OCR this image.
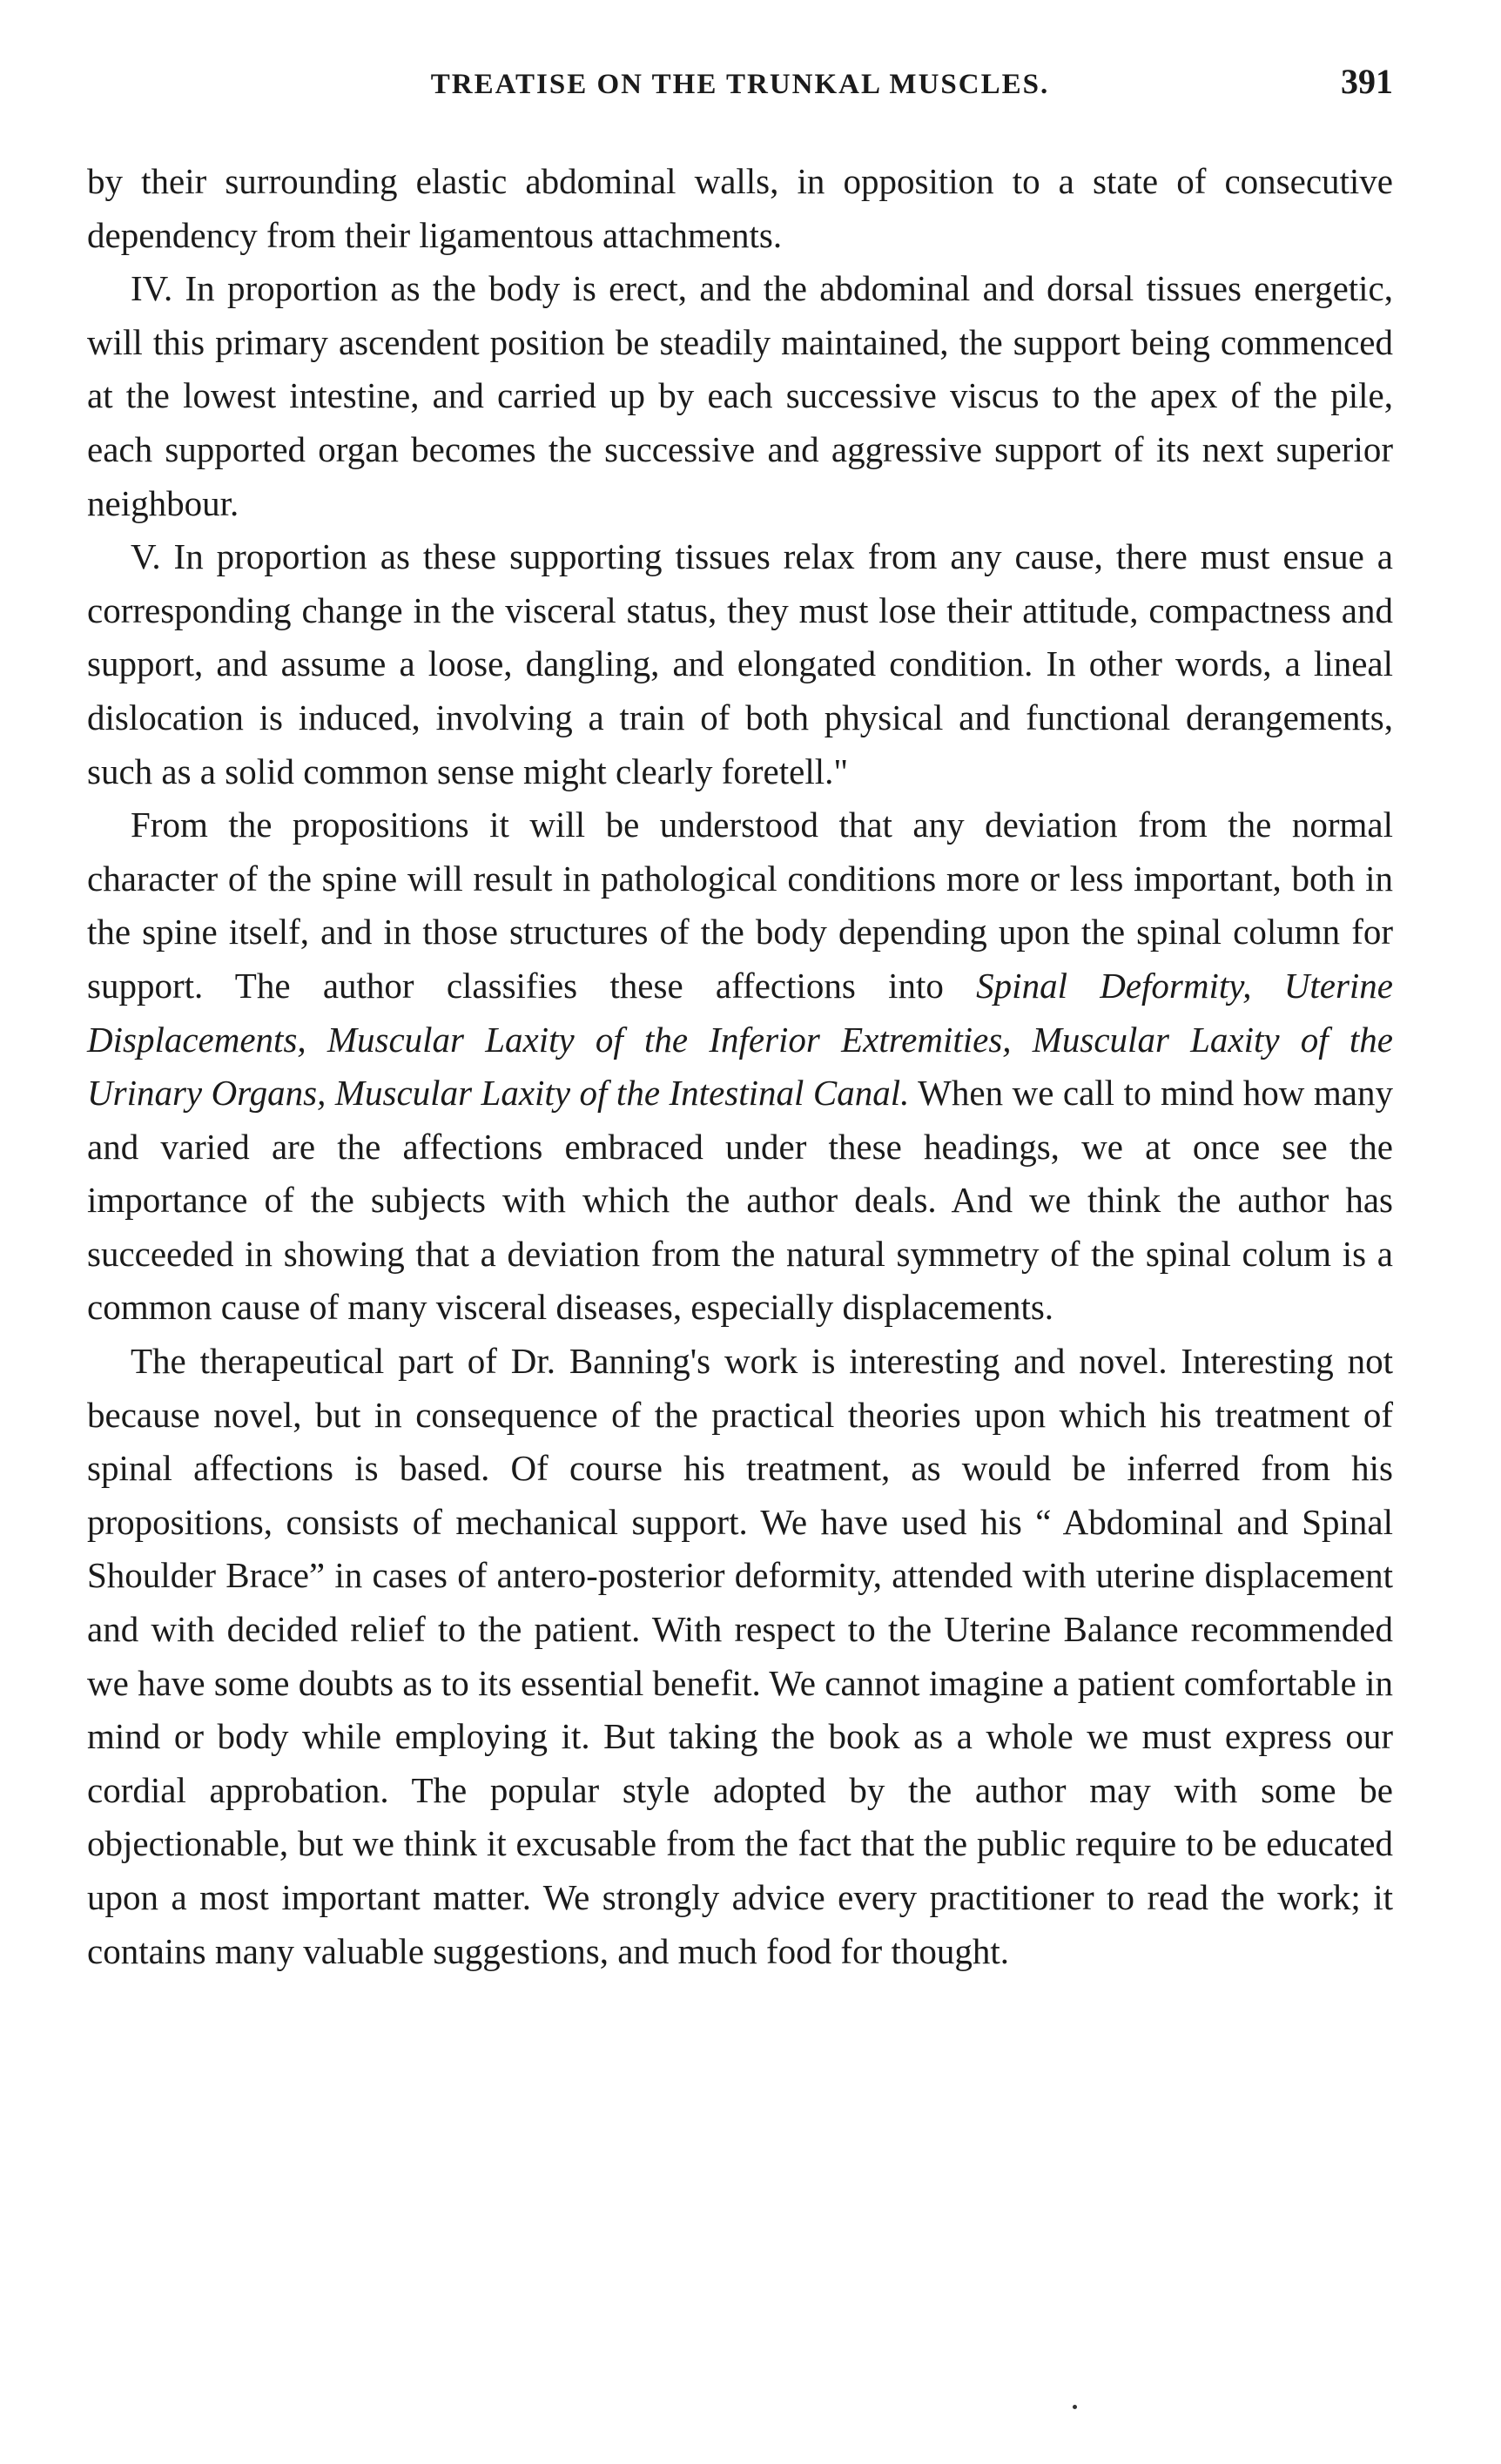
TREATISE ON THE TRUNKAL MUSCLES.	391

by their surrounding elastic abdominal walls, in opposition to a state of consecutive dependency from their ligamentous attachments.

IV. In proportion as the body is erect, and the abdominal and dorsal tissues energetic, will this primary ascendent position be steadily maintained, the support being commenced at the lowest intestine, and carried up by each successive viscus to the apex of the pile, each supported organ becomes the successive and aggressive support of its next superior neighbour.

V. In proportion as these supporting tissues relax from any cause, there must ensue a corresponding change in the visceral status, they must lose their attitude, compactness and support, and assume a loose, dangling, and elongated condition. In other words, a lineal dislocation is induced, involving a train of both physical and functional derangements, such as a solid common sense might clearly foretell."

From the propositions it will be understood that any deviation from the normal character of the spine will result in pathological conditions more or less important, both in the spine itself, and in those structures of the body depending upon the spinal column for support. The author classifies these affections into Spinal Deformity, Uterine Displacements, Muscular Laxity of the Inferior Extremities, Muscular Laxity of the Urinary Organs, Muscular Laxity of the Intestinal Canal. When we call to mind how many and varied are the affections embraced under these headings, we at once see the importance of the subjects with which the author deals. And we think the author has succeeded in showing that a deviation from the natural symmetry of the spinal colum is a common cause of many visceral diseases, especially displacements.

The therapeutical part of Dr. Banning's work is interesting and novel. Interesting not because novel, but in consequence of the practical theories upon which his treatment of spinal affections is based. Of course his treatment, as would be inferred from his propositions, consists of mechanical support. We have used his “ Abdominal and Spinal Shoulder Brace” in cases of antero-posterior deformity, attended with uterine displacement and with decided relief to the patient. With respect to the Uterine Balance recommended we have some doubts as to its essential benefit. We cannot imagine a patient comfortable in mind or body while employing it. But taking the book as a whole we must express our cordial approbation. The popular style adopted by the author may with some be objectionable, but we think it excusable from the fact that the public require to be educated upon a most important matter. We strongly advice every practitioner to read the work; it contains many valuable suggestions, and much food for thought.
